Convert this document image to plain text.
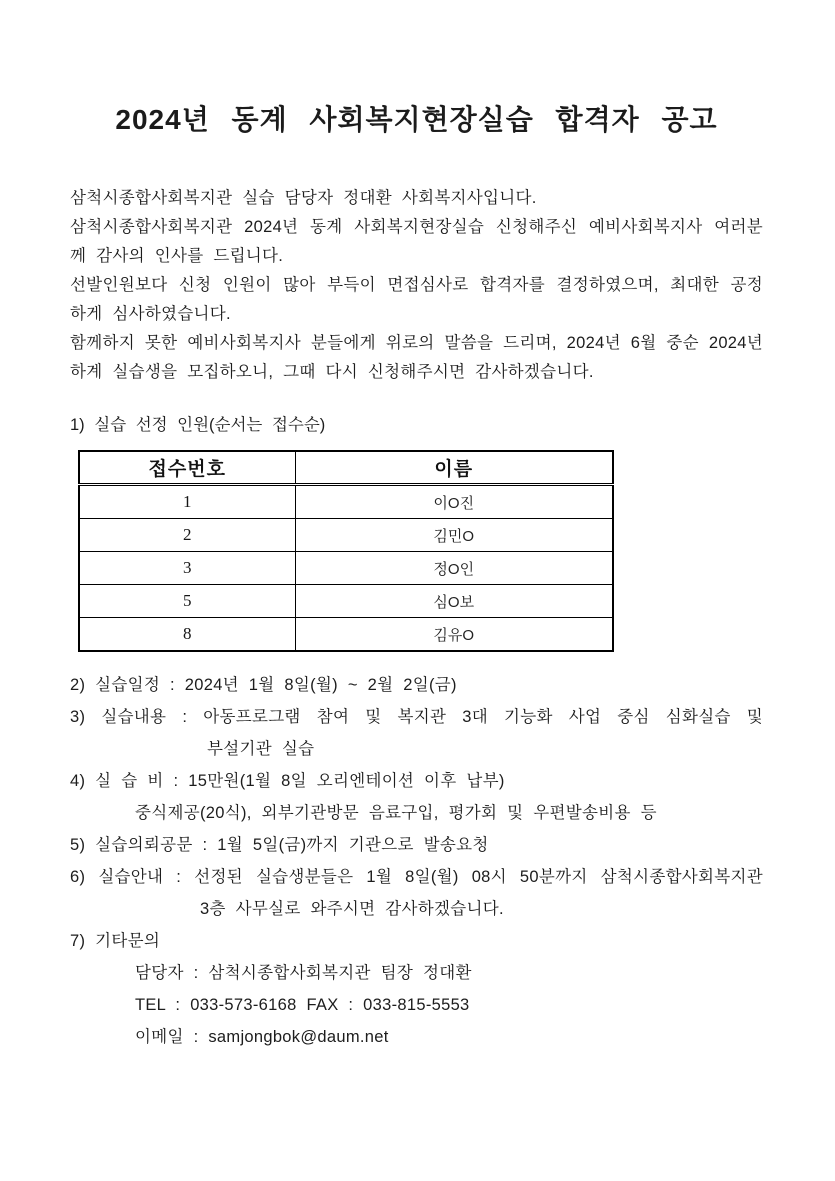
2024년 동계 사회복지현장실습 합격자 공고

삼척시종합사회복지관 실습 담당자 정대환 사회복지사입니다.

삼척시종합사회복지관 2024년 동계 사회복지현장실습 신청해주신 예비사회복지사 여러분께 감사의 인사를 드립니다.

선발인원보다 신청 인원이 많아 부득이 면접심사로 합격자를 결정하였으며, 최대한 공정하게 심사하였습니다.

함께하지 못한 예비사회복지사 분들에게 위로의 말씀을 드리며, 2024년 6월 중순 2024년 하계 실습생을 모집하오니, 그때 다시 신청해주시면 감사하겠습니다.

1) 실습 선정 인원(순서는 접수순)
접수번호	이름
1	이O진
2	김민O
3	정O인
5	심O보
8	김유O
2) 실습일정 : 2024년 1월 8일(월) ~ 2월 2일(금)
3) 실습내용 : 아동프로그램 참여 및 복지관 3대 기능화 사업 중심 심화실습 및
부설기관 실습
4) 실 습 비 : 15만원(1월 8일 오리엔테이션 이후 납부)
중식제공(20식), 외부기관방문 음료구입, 평가회 및 우편발송비용 등
5) 실습의뢰공문 : 1월 5일(금)까지 기관으로 발송요청
6) 실습안내 : 선정된 실습생분들은 1월 8일(월) 08시 50분까지 삼척시종합사회복지관
3층 사무실로 와주시면 감사하겠습니다.
7) 기타문의
담당자 : 삼척시종합사회복지관 팀장 정대환
TEL : 033-573-6168 FAX : 033-815-5553
이메일 : samjongbok@daum.net
